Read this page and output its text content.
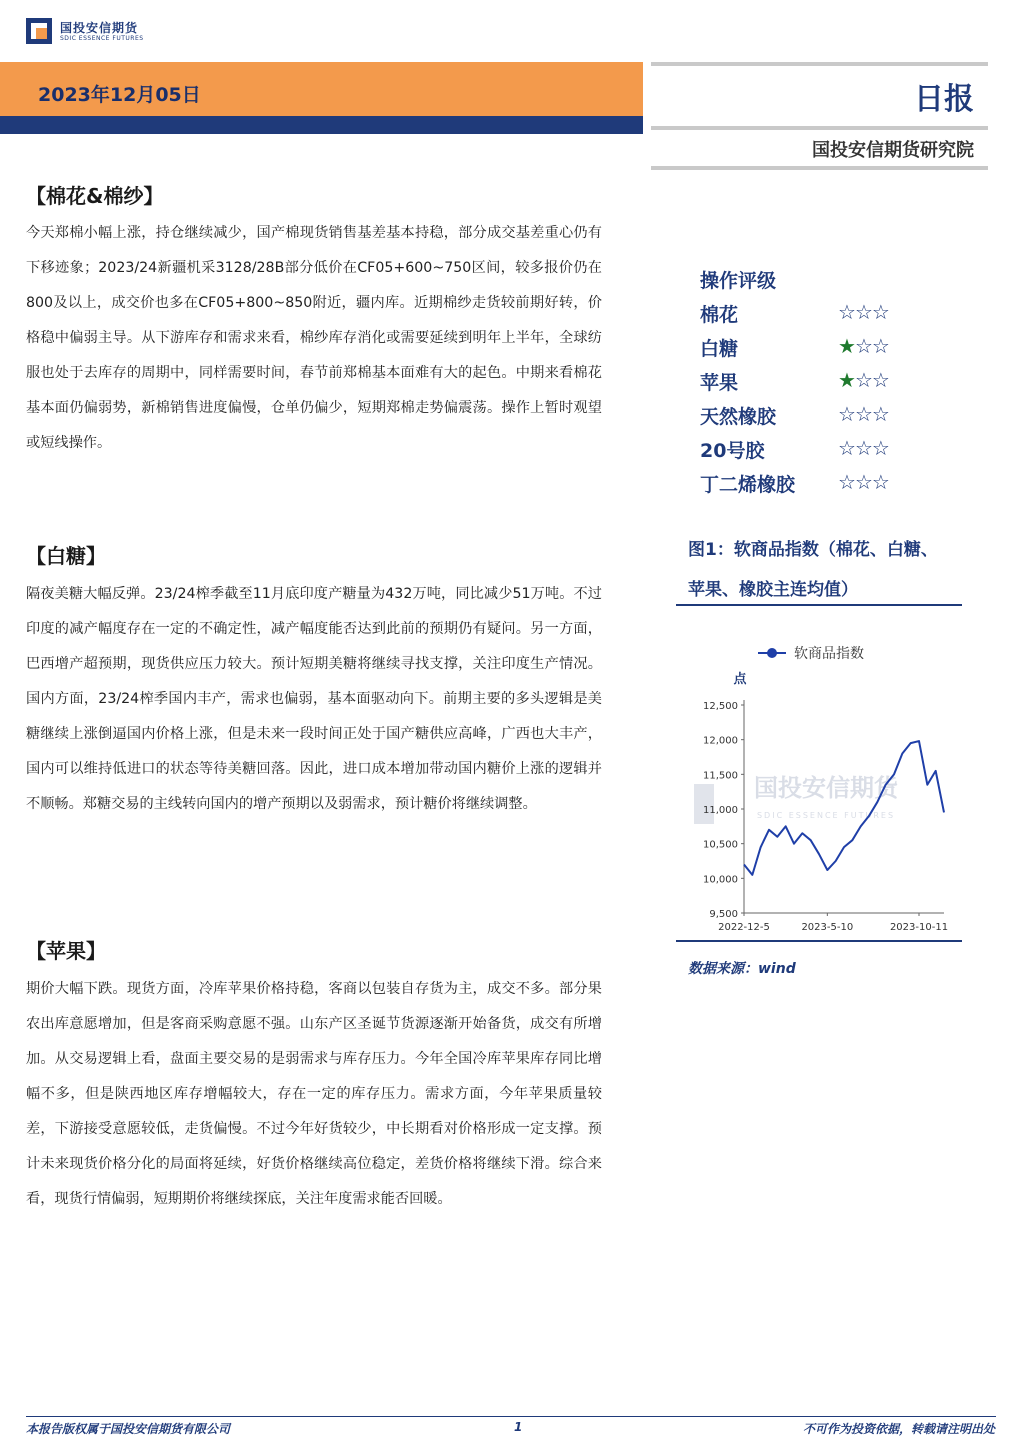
国投安信期货
SDIC ESSENCE FUTURES
2023年12月05日	日报
国投安信期货研究院
【棉花&棉纱】
今天郑棉小幅上涨，持仓继续减少，国产棉现货销售基差基本持稳，部分成交基差重心仍有下移迹象；2023/24新疆机采3128/28B部分低价在CF05+600~750区间，较多报价仍在800及以上，成交价也多在CF05+800~850附近，疆内库。近期棉纱走货较前期好转，价格稳中偏弱主导。从下游库存和需求来看，棉纱库存消化或需要延续到明年上半年，全球纺服也处于去库存的周期中，同样需要时间，春节前郑棉基本面难有大的起色。中期来看棉花基本面仍偏弱势，新棉销售进度偏慢，仓单仍偏少，短期郑棉走势偏震荡。操作上暂时观望或短线操作。
【白糖】
隔夜美糖大幅反弹。23/24榨季截至11月底印度产糖量为432万吨，同比减少51万吨。不过印度的减产幅度存在一定的不确定性，减产幅度能否达到此前的预期仍有疑问。另一方面，巴西增产超预期，现货供应压力较大。预计短期美糖将继续寻找支撑，关注印度生产情况。国内方面，23/24榨季国内丰产，需求也偏弱，基本面驱动向下。前期主要的多头逻辑是美糖继续上涨倒逼国内价格上涨，但是未来一段时间正处于国产糖供应高峰，广西也大丰产，国内可以维持低进口的状态等待美糖回落。因此，进口成本增加带动国内糖价上涨的逻辑并不顺畅。郑糖交易的主线转向国内的增产预期以及弱需求，预计糖价将继续调整。
【苹果】
期价大幅下跌。现货方面，冷库苹果价格持稳，客商以包装自存货为主，成交不多。部分果农出库意愿增加，但是客商采购意愿不强。山东产区圣诞节货源逐渐开始备货，成交有所增加。从交易逻辑上看，盘面主要交易的是弱需求与库存压力。今年全国冷库苹果库存同比增幅不多，但是陕西地区库存增幅较大，存在一定的库存压力。需求方面，今年苹果质量较差，下游接受意愿较低，走货偏慢。不过今年好货较少，中长期看对价格形成一定支撑。预计未来现货价格分化的局面将延续，好货价格继续高位稳定，差货价格将继续下滑。综合来看，现货行情偏弱，短期期价将继续探底，关注年度需求能否回暖。
操作评级
棉花	☆☆☆
白糖	★☆☆
苹果	★☆☆
天然橡胶	☆☆☆
20号胶	☆☆☆
丁二烯橡胶 ☆☆☆
图1：软商品指数（棉花、白糖、苹果、橡胶主连均值）
国投安信期货
SDIC ESSENCE FUTURES
软商品指数
点
9,500
10,000
10,500
11,000
11,500
12,000
12,500
2022-12-5	2023-5-10	2023-10-11
数据来源：wind
本报告版权属于国投安信期货有限公司	1	不可作为投资依据，转载请注明出处
